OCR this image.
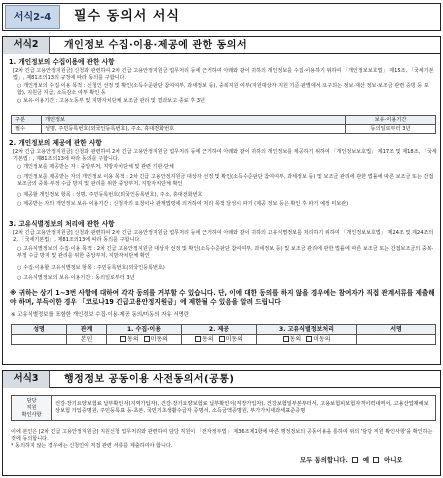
서식2-4	필수 동의서 서식
서식2	개인정보 수집·이용·제공에 관한 동의서
1. 개인정보의 수집이용에 관한 사항
[2차 긴급 고용안정지원금] 신청과 관련하여 2차 긴급 고용안정지원금 업무처리 등에 근거하여 아래와 같이 귀하의 개인정보를 수집·이용하기 위하여 「개인정보보호법」 제15조, 「국세기본법」, 제81조의13의 규정에 따라 동의를 구합니다.
○ 개인정보의 수집·이용 목적 : 신청인 선정 및 확인(소득수준판단 참여여부, 과세정보 등), 중복지원 여부(지원대상자 지원 기준·판별에서 요구되는 정보·재산 정보·보조금 관련 증빙 등 포함), 지원금 지급, 소득감소 여부 확인 등
○ 보유·이용기간 : 고용노동부 및 지방자치단체 보조금 관리 및 결과보고 종료 후 3년
구분	개인정보	보유·이용기간
필수	성명, 주민등록번호(외국인등록번호), 주소, 휴대전화번호	동의일로부터 3년
2. 개인정보의 제공에 관한 사항
[2차 긴급 고용안정지원금] 신청과 관련하여 2차 긴급 고용안정지원금 업무처리 등에 근거하여 아래와 같이 귀하의 개인정보를 제공하기 위하여 「개인정보보호법」 제17조 및 제18조, 「국세기본법」, 제81조의13에 따라 동의를 구합니다.
○ 개인정보를 제공받는 자 : 중앙부처, 지방자치단체 및 관련 기관·단체
○ 개인정보를 제공받는 자의 개인정보 이용 목적 : 2차 긴급 고용안정지원금 대상자 선정 및 확인(소득수준판단 참여여부, 과세정보 등) 및 보조금 관리에 관한 법률에 따른 보조금 또는 간접보조금의 중복·부정 수급 방지 및 관리를 위한 중앙부처, 지방자치단체 확인
○ 제공할 개인정보 항목 : 성명, 주민등록번호(외국인등록번호), 주소, 휴대전화번호
○ 제공받는 자의 개인정보 보유·이용기간 : 신청자의 요청이나 관계법령에 의거하여 처리 목적 달성시 파기 (제공 정보 등은 확인 후 파기 예정 미보관)
3. 고유식별정보의 처리에 관한 사항
[2차 긴급 고용안정지원금] 신청과 관련하여 2차 긴급 고용안정지원금 업무처리 등에 근거하여 아래와 같이 귀하의 고유식별정보를 처리하기 위하여 「개인정보보호법」 제24조 및 제24조의2, 「국세기본법」, 제81조의13에 따라 동의를 구합니다.
○ 고유식별정보의 수집·이용 목적 : 2차 긴급 고용안정지원금 대상자 선정 및 확인(소득수준판단 참여여부, 과세정보 등) 및 보조금 관리에 관한 법률에 따른 보조금 또는 간접보조금의 중복·부정 수급 방지 및 관리를 위한 중앙부처, 지방자치단체 확인
○ 수집·이용할 고유식별정보 항목 : 주민등록번호(외국인등록번호)
○ 고유식별정보의 보유·이용기간 : 동의일로부터 3년
※ 귀하는 상기 1~3번 사항에 대하여 각각 동의를 거부할 수 있습니다. 단, 이에 대한 동의를 하지 않을 경우에는 참여자가 직접 관계서류를 제출해야 하며, 부득이한 경우 「코로나19 긴급고용안정지원금」에 제한될 수 있음을 알려 드립니다
※ 고유식별정보를 포함한 개인정보 수집·이용·제공 동의/미동의 자유 서명란
성명	관계	1. 수집·이용	2. 제공	3. 고유식별정보처리	서명
	본인	동의 미동의	동의 미동의	동의 미동의	
서식3	행정정보 공동이용 사전동의서(공통)
담당
직원
확인사항	건강·장기요양보험료 납부확인서(지역가입자), 건강·장기요양보험료 납부확인서(직장가입자), 건강보험일부본부터서, 고용보험피보험자격이력내역서, 고용산업재해보상보험 가입증명원, 주민등록표 등·초본, 국민기초생활수급자 증명서, 소득금액증명원, 부가가치세과세표준증명
이에 본인은 [2차 긴급 고용안정지원금] 지원신청 업무처리와 관련하여 담당 직원이 「전자정부법」 제36조제1항에 따른 행정정보의 공동이용을 통하여 위의 '담당 직원 확인사항'을 확인하는 것에 동의합니다.
* 동의하지 않는 경우에는 신청인이 직접 관련 서류를 제출하여야 합니다.
모두 동의합니다. 예 아니오
